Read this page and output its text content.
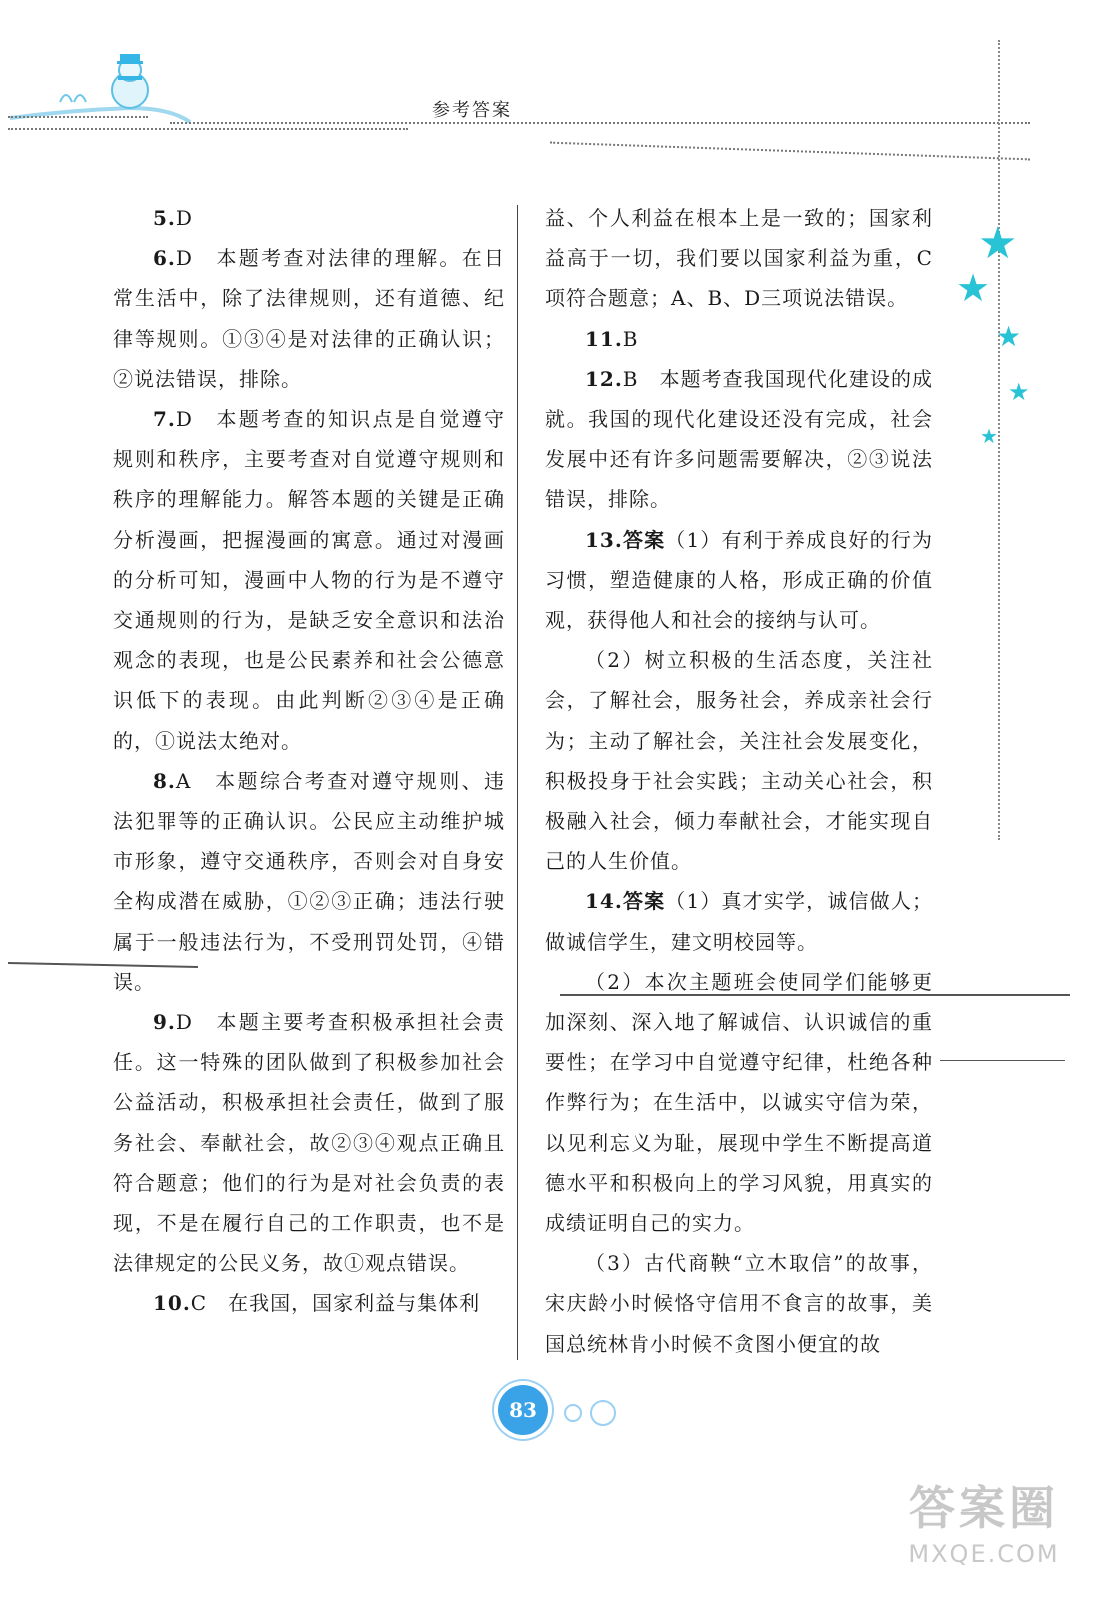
参考答案
★
★
★
★
★

5.D

6.D　本题考查对法律的理解。在日常生活中，除了法律规则，还有道德、纪律等规则。①③④是对法律的正确认识；②说法错误，排除。

7.D　本题考查的知识点是自觉遵守规则和秩序，主要考查对自觉遵守规则和秩序的理解能力。解答本题的关键是正确分析漫画，把握漫画的寓意。通过对漫画的分析可知，漫画中人物的行为是不遵守交通规则的行为，是缺乏安全意识和法治观念的表现，也是公民素养和社会公德意识低下的表现。由此判断②③④是正确的，①说法太绝对。

8.A　本题综合考查对遵守规则、违法犯罪等的正确认识。公民应主动维护城市形象，遵守交通秩序，否则会对自身安全构成潜在威胁，①②③正确；违法行驶属于一般违法行为，不受刑罚处罚，④错误。

9.D　本题主要考查积极承担社会责任。这一特殊的团队做到了积极参加社会公益活动，积极承担社会责任，做到了服务社会、奉献社会，故②③④观点正确且符合题意；他们的行为是对社会负责的表现，不是在履行自己的工作职责，也不是法律规定的公民义务，故①观点错误。

10.C　在我国，国家利益与集体利

益、个人利益在根本上是一致的；国家利益高于一切，我们要以国家利益为重，C项符合题意；A、B、D三项说法错误。

11.B

12.B　本题考查我国现代化建设的成就。我国的现代化建设还没有完成，社会发展中还有许多问题需要解决，②③说法错误，排除。

13.答案（1）有利于养成良好的行为习惯，塑造健康的人格，形成正确的价值观，获得他人和社会的接纳与认可。

（2）树立积极的生活态度，关注社会，了解社会，服务社会，养成亲社会行为；主动了解社会，关注社会发展变化，积极投身于社会实践；主动关心社会，积极融入社会，倾力奉献社会，才能实现自己的人生价值。

14.答案（1）真才实学，诚信做人；做诚信学生，建文明校园等。

（2）本次主题班会使同学们能够更加深刻、深入地了解诚信、认识诚信的重要性；在学习中自觉遵守纪律，杜绝各种作弊行为；在生活中，以诚实守信为荣，以见利忘义为耻，展现中学生不断提高道德水平和积极向上的学习风貌，用真实的成绩证明自己的实力。

（3）古代商鞅“立木取信”的故事，宋庆龄小时候恪守信用不食言的故事，美国总统林肯小时候不贪图小便宜的故

83
答案圈
MXQE.COM
